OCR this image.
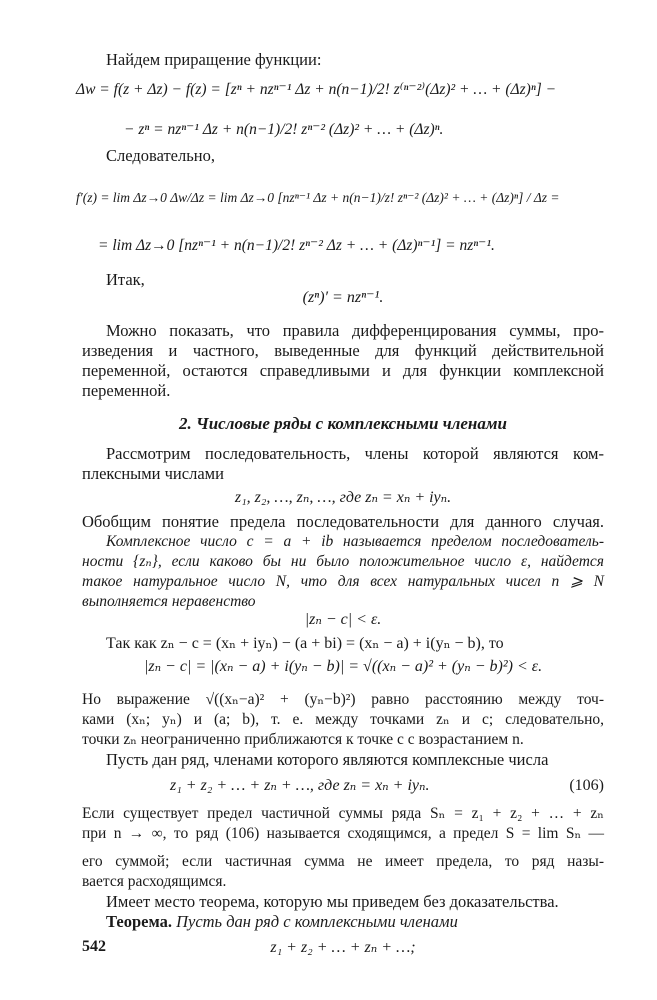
Найдем приращение функции:
Δw = f(z + Δz) − f(z) = [zⁿ + nzⁿ⁻¹ Δz + n(n−1)/2! z⁽ⁿ⁻²⁾(Δz)² + … + (Δz)ⁿ] −
− zⁿ = nzⁿ⁻¹ Δz + n(n−1)/2! zⁿ⁻² (Δz)² + … + (Δz)ⁿ.
Следовательно,
f′(z) = lim Δz→0 Δw/Δz = lim Δz→0 [nzⁿ⁻¹ Δz + n(n−1)/z! zⁿ⁻² (Δz)² + … + (Δz)ⁿ] / Δz =
= lim Δz→0 [nzⁿ⁻¹ + n(n−1)/2! zⁿ⁻² Δz + … + (Δz)ⁿ⁻¹] = nzⁿ⁻¹.
Итак,
(zⁿ)′ = nzⁿ⁻¹.
Можно показать, что правила дифференцирования суммы, про-
изведения и частного, выведенные для функций действительной
переменной, остаются справедливыми и для функции комплексной
переменной.
2. Числовые ряды с комплексными членами
Рассмотрим последовательность, члены которой являются ком-
плексными числами
z₁, z₂, …, zₙ, …, где zₙ = xₙ + iyₙ.
Обобщим понятие предела последовательности для данного случая.
Комплексное число c = a + ib называется пределом последователь-
ности {zₙ}, если каково бы ни было положительное число ε, найдется
такое натуральное число N, что для всех натуральных чисел n ⩾ N
выполняется неравенство
|zₙ − c| < ε.
Так как zₙ − c = (xₙ + iyₙ) − (a + bi) = (xₙ − a) + i(yₙ − b), то
|zₙ − c| = |(xₙ − a) + i(yₙ − b)| = √((xₙ − a)² + (yₙ − b)²) < ε.
Но выражение √((xₙ−a)² + (yₙ−b)²) равно расстоянию между точ-
ками (xₙ; yₙ) и (a; b), т. е. между точками zₙ и c; следовательно,
точки zₙ неограниченно приближаются к точке c с возрастанием n.
Пусть дан ряд, членами которого являются комплексные числа
z₁ + z₂ + … + zₙ + …, где zₙ = xₙ + iyₙ.	(106)
Если существует предел частичной суммы ряда Sₙ = z₁ + z₂ + … + zₙ
при n → ∞, то ряд (106) называется сходящимся, а предел S = lim Sₙ —
его суммой; если частичная сумма не имеет предела, то ряд назы-
вается расходящимся.
Имеет место теорема, которую мы приведем без доказательства.
Теорема. Пусть дан ряд с комплексными членами
z₁ + z₂ + … + zₙ + …;
542
